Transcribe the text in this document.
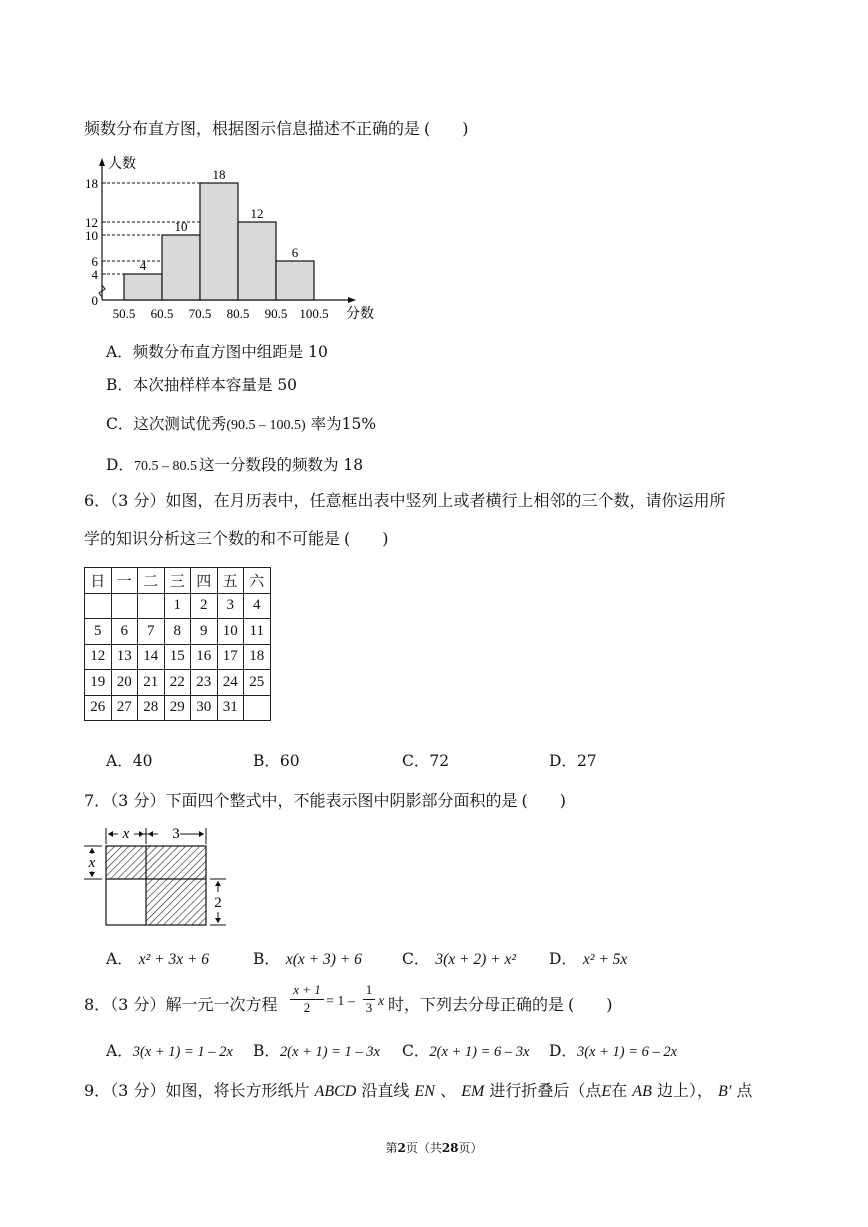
频数分布直方图，根据图示信息描述不正确的是 (　　)
人数
分数
0
4
6
10
12
18
4
10
18
12
6
50.5 60.5 70.5 80.5 90.5 100.5
A．频数分布直方图中组距是 10
B．本次抽样样本容量是 50
C．这次测试优秀(90.5 – 100.5) 率为15%
D．70.5 – 80.5 这一分数段的频数为 18
6．（3 分）如图，在月历表中，任意框出表中竖列上或者横行上相邻的三个数，请你运用所
学的知识分析这三个数的和不可能是 (　　)
日	一	二	三	四	五	六
			1	2	3	4
5	6	7	8	9	10	11
12	13	14	15	16	17	18
19	20	21	22	23	24	25
26	27	28	29	30	31	
A．40	B．60	C．72	D．27
7．（3 分）下面四个整式中，不能表示图中阴影部分面积的是 (　　)
x	3
x
2
A． x² + 3x + 6	B． x(x + 3) + 6	C． 3(x + 2) + x² D． x² + 5x
8．（3 分）解一元一次方程 $\frac{x + 1}{2} = 1 - \frac{1}{3}$ x 时，下列去分母正确的是 (　　)
A．3(x + 1) = 1 – 2x B．2(x + 1) = 1 – 3x C．2(x + 1) = 6 – 3x D．3(x + 1) = 6 – 2x
9．（3 分）如图，将长方形纸片 ABCD 沿直线 EN 、 EM 进行折叠后（点E在 AB 边上）， B′ 点
第2页（共28页）
